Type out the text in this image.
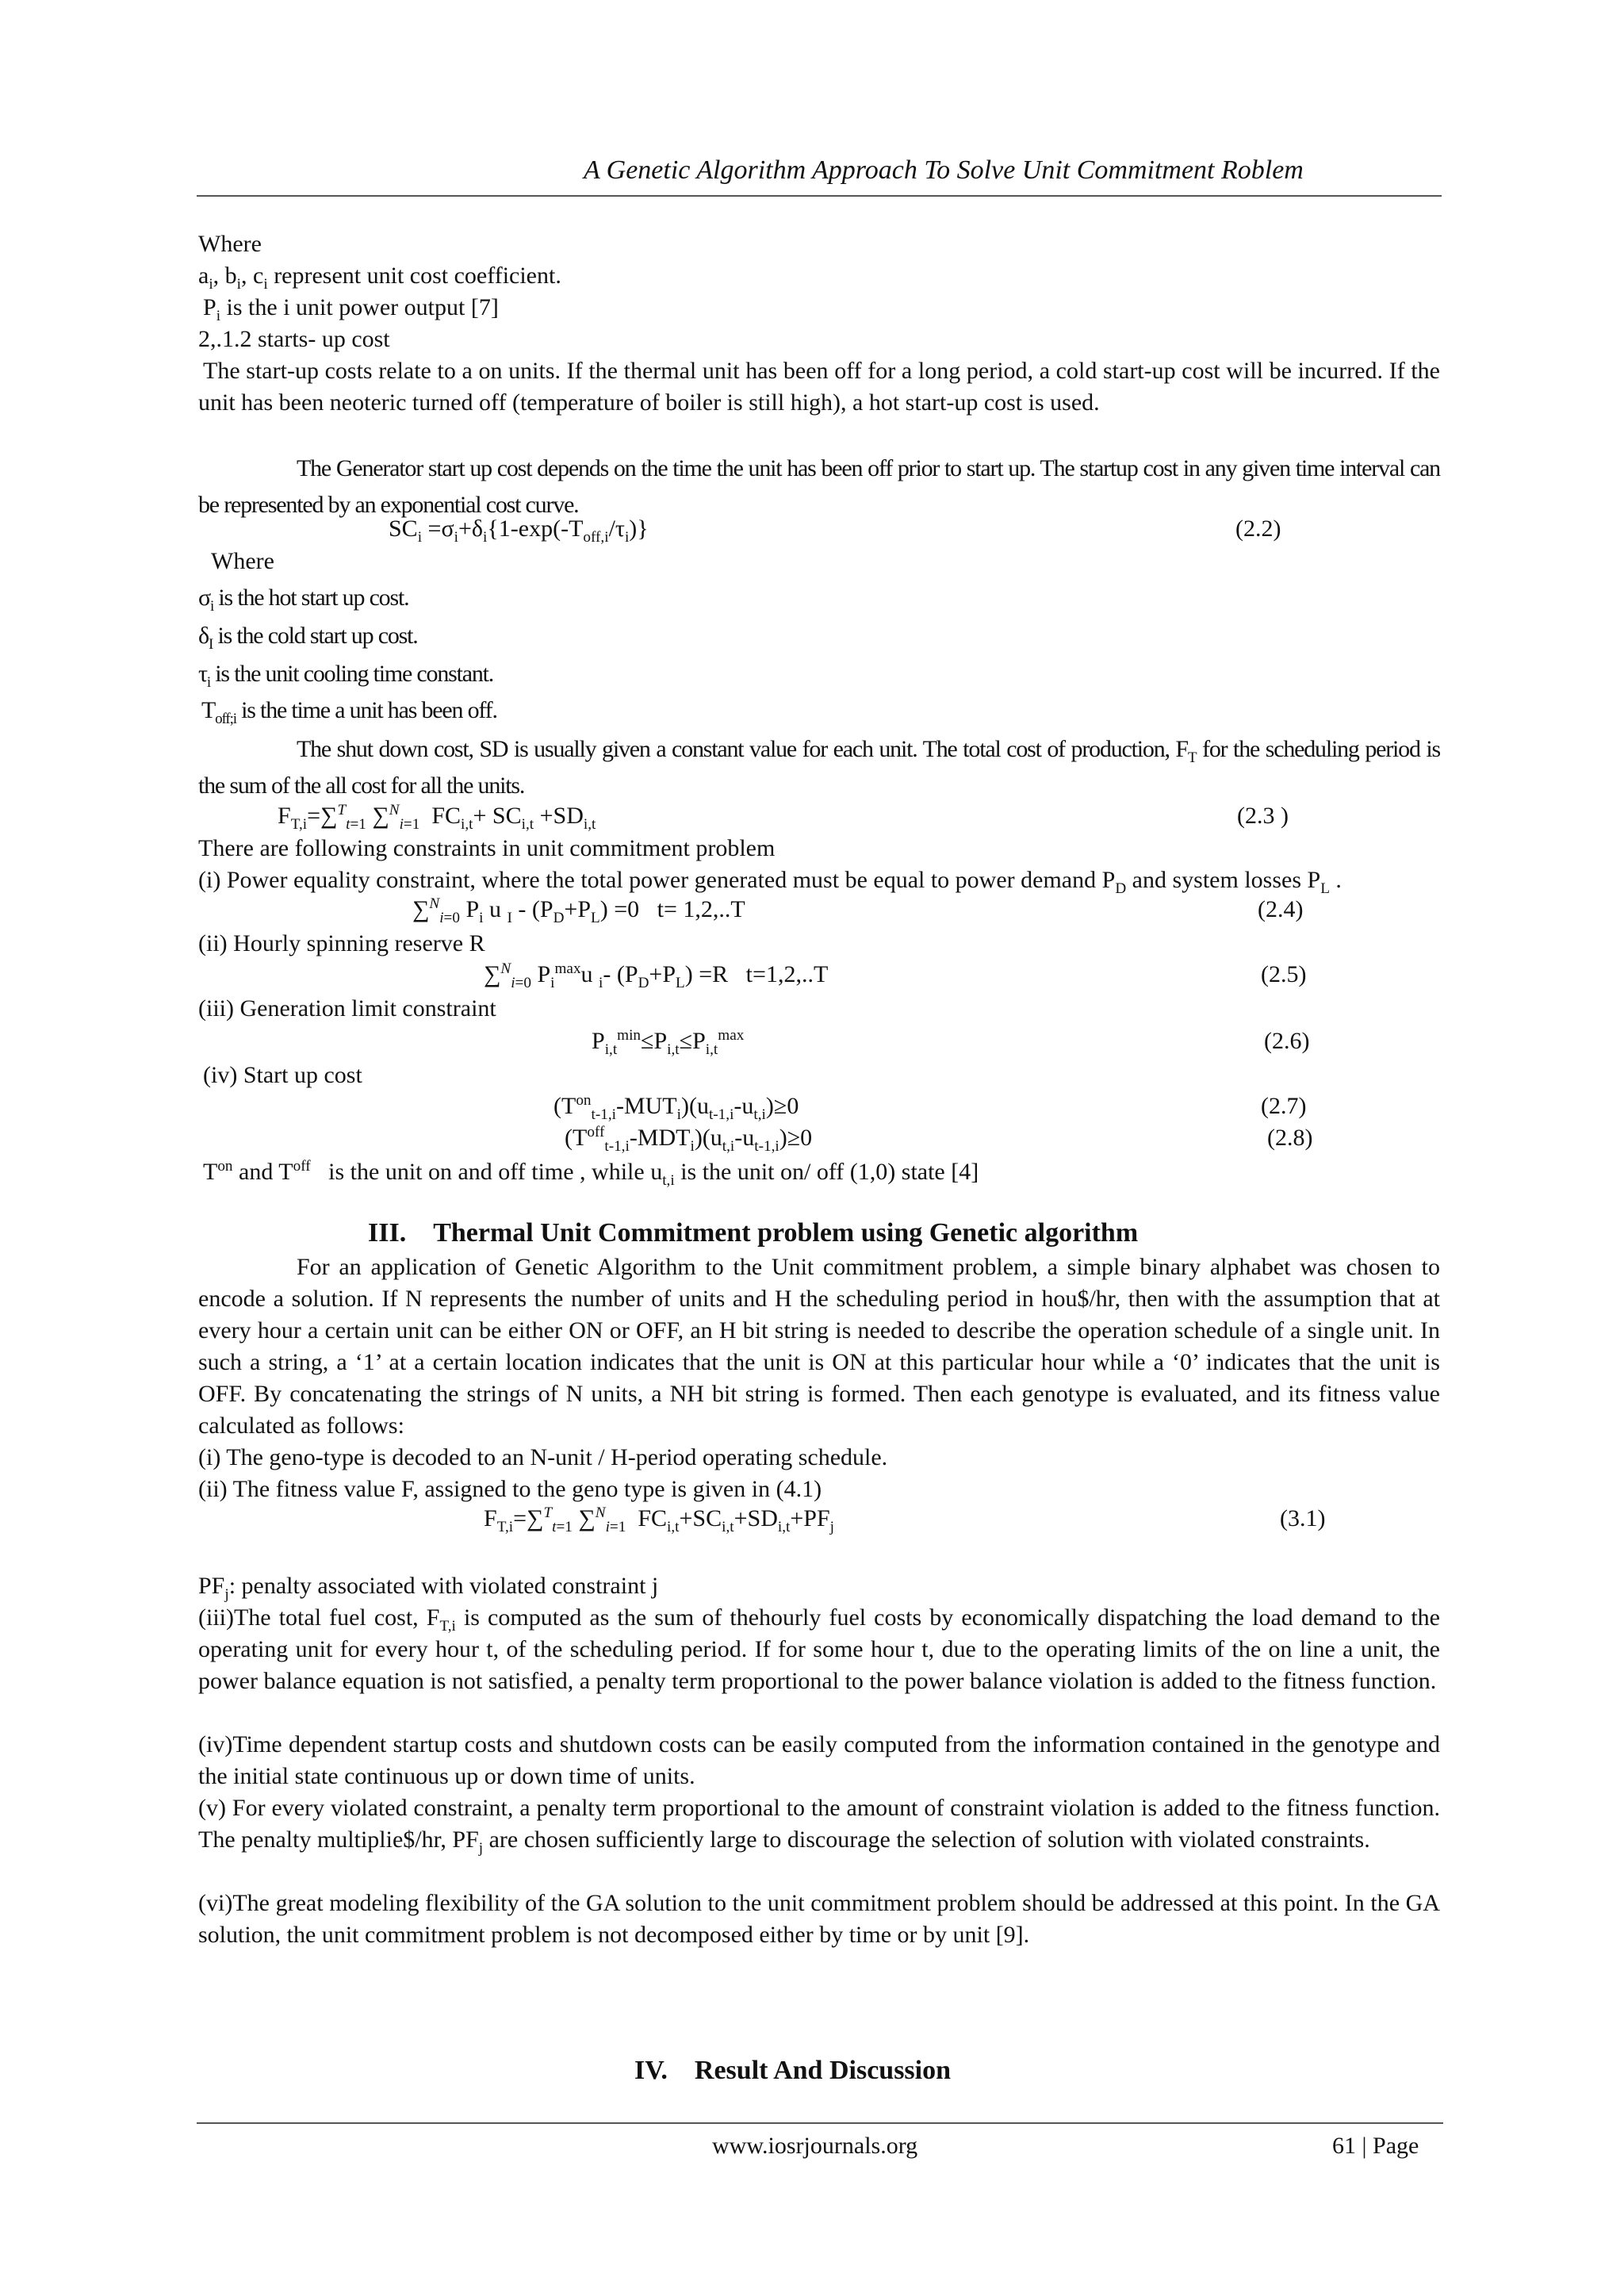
A Genetic Algorithm Approach To Solve Unit Commitment Roblem
Where
$a_i$, $b_i$, $c_i$ represent unit cost coefficient.
$P_i$ is the i unit power output [7]
2,.1.2 starts- up cost
The start-up costs relate to a on units. If the thermal unit has been off for a long period, a cold start-up cost will be incurred. If the unit has been neoteric turned off (temperature of boiler is still high), a hot start-up cost is used.
The Generator start up cost depends on the time the unit has been off prior to start up. The startup cost in any given time interval can be represented by an exponential cost curve.
$SC_i =\sigma_i+\delta_i\{1-\exp(-T_{off,i}/\tau_i)\}$	(2.2)
Where
$\sigma_i$ is the hot start up cost.
$\delta_I$ is the cold start up cost.
$\tau_i$ is the unit cooling time constant.
$T_{off;i}$ is the time a unit has been off.
The shut down cost, SD is usually given a constant value for each unit. The total cost of production, $F_T$ for the scheduling period is the sum of the all cost for all the units.
$F_{T,i}=\sum^T_{t=1}$ ∑$^N_{i=1}$  $FC_{i,t}+ SC_{i,t} +SD_{i,t}$	(2.3 )
There are following constraints in unit commitment problem
(i) Power equality constraint, where the total power generated must be equal to power demand $P_D$ and system losses $P_L$ .
∑$^N_{i=0}$ $P_i$ u $_I - (P_D+P_L) =0$   t= 1,2,..T	(2.4)
(ii) Hourly spinning reserve R
∑$^N_{i=0}$ $P_i^{max}u$ $_i$- $(P_D+P_L) =R$   t=1,2,..T	(2.5)
(iii) Generation limit constraint
$P_{i,t}^{min}\le P_{i,t}\le P_{i,t}^{max}$	(2.6)
(iv) Start up cost
$(T^{on}_{t-1,i}-MUT_i)(u_{t-1,i}-u_{t,i})\ge 0$	(2.7)
$(T^{off}_{t-1,i}-MDT_i)(u_{t,i}-u_{t-1,i})\ge 0$	(2.8)
$T^{on}$ and $T^{off}$   is the unit on and off time , while $u_{t,i}$ is the unit on/ off (1,0) state [4]
III. Thermal Unit Commitment problem using Genetic algorithm
For an application of Genetic Algorithm to the Unit commitment problem, a simple binary alphabet was chosen to encode a solution. If N represents the number of units and H the scheduling period in hou$/hr, then with the assumption that at every hour a certain unit can be either ON or OFF, an H bit string is needed to describe the operation schedule of a single unit. In such a string, a ‘1’ at a certain location indicates that the unit is ON at this particular hour while a ‘0’ indicates that the unit is OFF. By concatenating the strings of N units, a NH bit string is formed. Then each genotype is evaluated, and its fitness value calculated as follows:
(i) The geno-type is decoded to an N-unit / H-period operating schedule.
(ii) The fitness value F, assigned to the geno type is given in (4.1)
$F_{T,i}=\sum^T_{t=1}$ ∑$^N_{i=1}$  $FC_{i,t}+SC_{i,t}+SD_{i,t}+PF_j$	(3.1)
$PF_j$: penalty associated with violated constraint j
(iii)The total fuel cost, $F_{T,i}$ is computed as the sum of thehourly fuel costs by economically dispatching the load demand to the operating unit for every hour t, of the scheduling period. If for some hour t, due to the operating limits of the on line a unit, the power balance equation is not satisfied, a penalty term proportional to the power balance violation is added to the fitness function.
(iv)Time dependent startup costs and shutdown costs can be easily computed from the information contained in the genotype and the initial state continuous up or down time of units.
(v) For every violated constraint, a penalty term proportional to the amount of constraint violation is added to the fitness function. The penalty multiplie$/hr, $PF_j$ are chosen sufficiently large to discourage the selection of solution with violated constraints.
(vi)The great modeling flexibility of the GA solution to the unit commitment problem should be addressed at this point. In the GA solution, the unit commitment problem is not decomposed either by time or by unit [9].
IV. Result And Discussion
www.iosrjournals.org	61 | Page
